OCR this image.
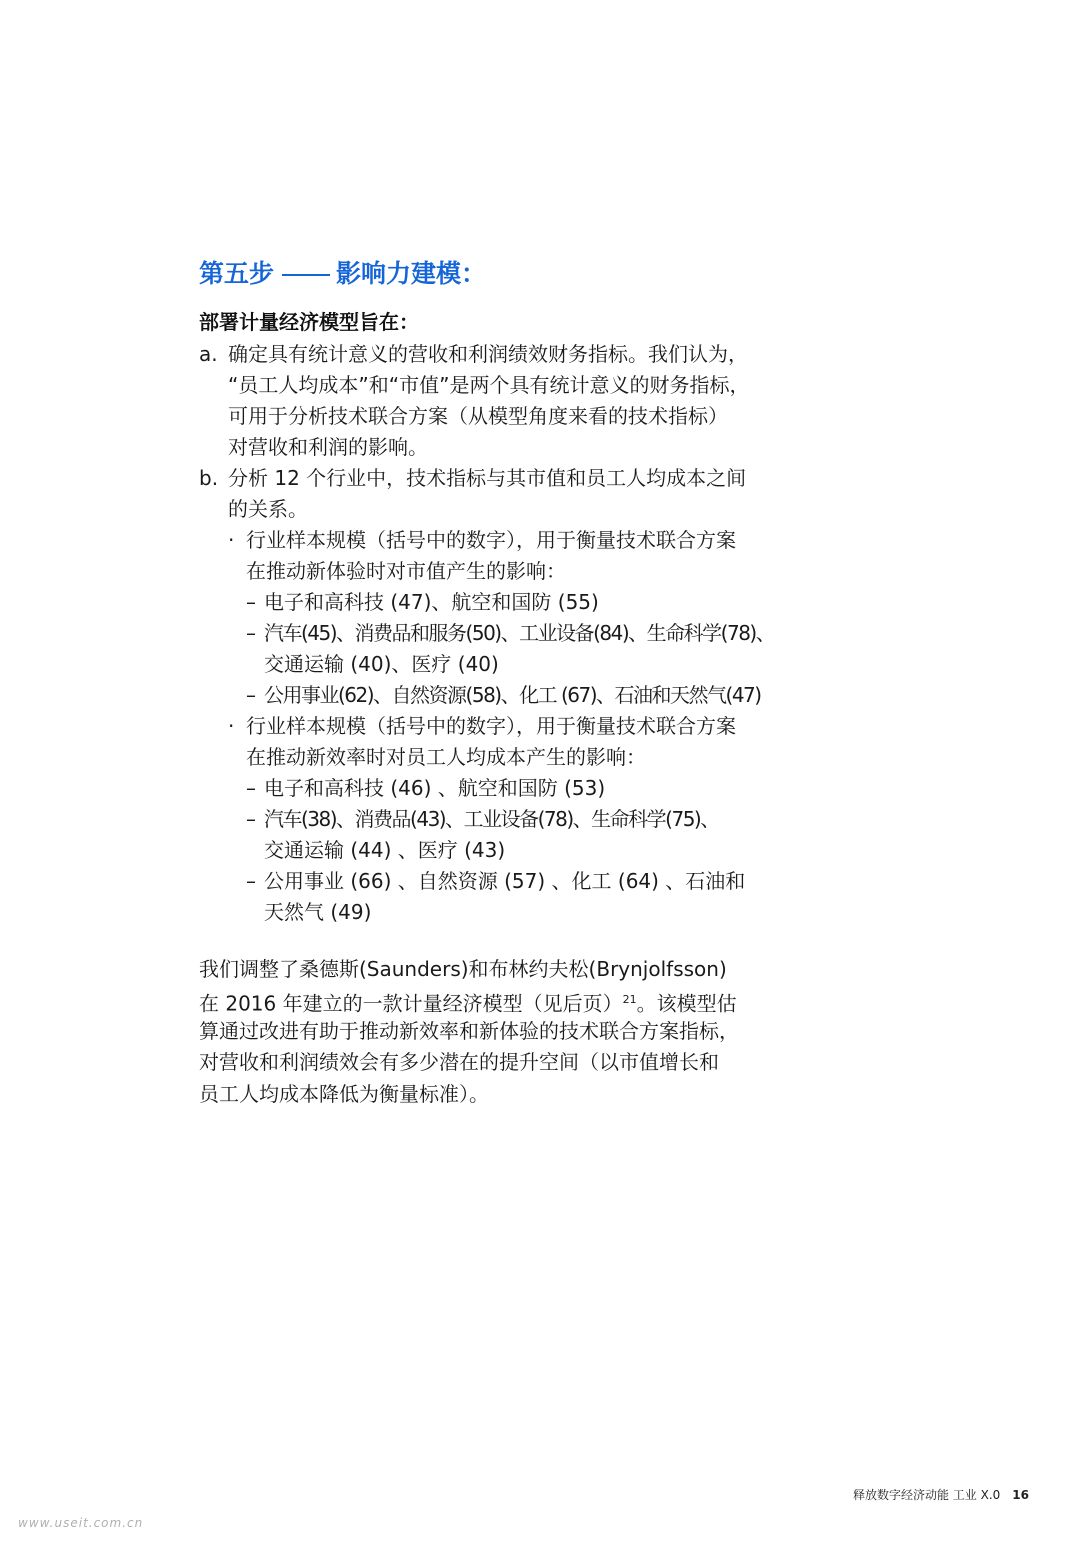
第五步 影响力建模：
部署计量经济模型旨在：
a. 确定具有统计意义的营收和利润绩效财务指标。我们认为，
“员工人均成本”和“市值”是两个具有统计意义的财务指标，
可用于分析技术联合方案（从模型角度来看的技术指标）
对营收和利润的影响。
b. 分析 12 个行业中，技术指标与其市值和员工人均成本之间
的关系。
· 行业样本规模（括号中的数字），用于衡量技术联合方案
在推动新体验时对市值产生的影响：
– 电子和高科技 (47)、航空和国防 (55)
– 汽车(45)、消费品和服务(50)、工业设备(84)、生命科学(78)、
交通运输 (40)、医疗 (40)
– 公用事业(62)、自然资源(58)、化工 (67)、石油和天然气(47)
· 行业样本规模（括号中的数字），用于衡量技术联合方案
在推动新效率时对员工人均成本产生的影响：
– 电子和高科技 (46) 、航空和国防 (53)
– 汽车(38)、消费品(43)、工业设备(78)、生命科学(75)、
交通运输 (44) 、医疗 (43)
– 公用事业 (66) 、自然资源 (57) 、化工 (64) 、石油和
天然气 (49)
我们调整了桑德斯(Saunders)和布林约夫松(Brynjolfsson)
在 2016 年建立的一款计量经济模型（见后页）$^{21}$。该模型估
算通过改进有助于推动新效率和新体验的技术联合方案指标，
对营收和利润绩效会有多少潜在的提升空间（以市值增长和
员工人均成本降低为衡量标准）。
释放数字经济动能 工业 X.0 16
www.useit.com.cn
